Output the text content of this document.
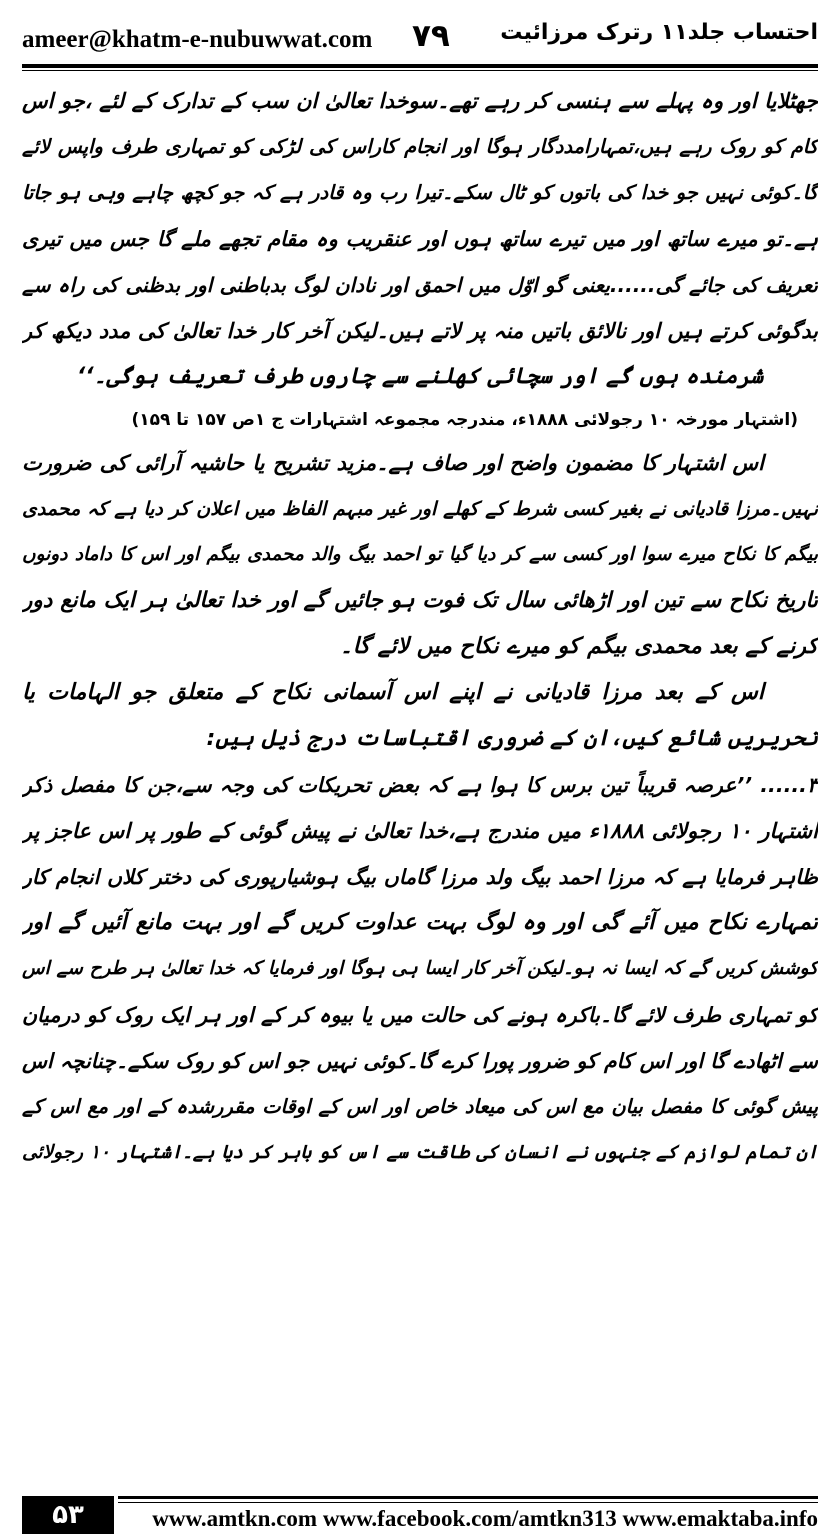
ameer@khatm-e-nubuwwat.com ۷۹ احتساب جلد۱۱ رترک مرزائیت
جھٹلایا اور وہ پہلے سے ہنسی کر رہے تھے۔سوخدا تعالیٰ ان سب کے تدارک کے لئے ،جو اس
کام کو روک رہے ہیں،تمہارامددگار ہوگا اور انجام کاراس کی لڑکی کو تمہاری طرف واپس لائے
گا۔کوئی نہیں جو خدا کی باتوں کو ٹال سکے۔تیرا رب وہ قادر ہے کہ جو کچھ چاہے وہی ہو جاتا
ہے۔تو میرے ساتھ اور میں تیرے ساتھ ہوں اور عنقریب وہ مقام تجھے ملے گا جس میں تیری
تعریف کی جائے گی......یعنی گو اوّل میں احمق اور نادان لوگ بدباطنی اور بدظنی کی راہ سے
بدگوئی کرتے ہیں اور نالائق باتیں منہ پر لاتے ہیں۔لیکن آخر کار خدا تعالیٰ کی مدد دیکھ کر
شرمندہ ہوں گے اور سچائی کھلنے سے چاروں طرف تعریف ہوگی۔‘‘
(اشتہار مورخہ ۱۰ رجولائی ۱۸۸۸ء، مندرجہ مجموعہ اشتہارات ج ۱ص ۱۵۷ تا ۱۵۹)
اس اشتہار کا مضمون واضح اور صاف ہے۔مزید تشریح یا حاشیہ آرائی کی ضرورت
نہیں۔مرزا قادیانی نے بغیر کسی شرط کے کھلے اور غیر مبہم الفاظ میں اعلان کر دیا ہے کہ محمدی
بیگم کا نکاح میرے سوا اور کسی سے کر دیا گیا تو احمد بیگ والد محمدی بیگم اور اس کا داماد دونوں
تاریخ نکاح سے تین اور اڑھائی سال تک فوت ہو جائیں گے اور خدا تعالیٰ ہر ایک مانع دور
کرنے کے بعد محمدی بیگم کو میرے نکاح میں لائے گا۔
اس کے بعد مرزا قادیانی نے اپنے اس آسمانی نکاح کے متعلق جو الہامات یا
تحریریں شائع کیں،ان کے ضروری اقتباسات درج ذیل ہیں:
۳...... ’’عرصہ قریباً تین برس کا ہوا ہے کہ بعض تحریکات کی وجہ سے،جن کا مفصل ذکر
اشتہار ۱۰ رجولائی ۱۸۸۸ء میں مندرج ہے،خدا تعالیٰ نے پیش گوئی کے طور پر اس عاجز پر
ظاہر فرمایا ہے کہ مرزا احمد بیگ ولد مرزا گاماں بیگ ہوشیارپوری کی دختر کلاں انجام کار
تمہارے نکاح میں آئے گی اور وہ لوگ بہت عداوت کریں گے اور بہت مانع آئیں گے اور
کوشش کریں گے کہ ایسا نہ ہو۔لیکن آخر کار ایسا ہی ہوگا اور فرمایا کہ خدا تعالیٰ ہر طرح سے اس
کو تمہاری طرف لائے گا۔باکرہ ہونے کی حالت میں یا بیوہ کر کے اور ہر ایک روک کو درمیان
سے اٹھادے گا اور اس کام کو ضرور پورا کرے گا۔کوئی نہیں جو اس کو روک سکے۔چنانچہ اس
پیش گوئی کا مفصل بیان مع اس کی میعاد خاص اور اس کے اوقات مقررشدہ کے اور مع اس کے
ان تمام لوازم کے جنہوں نے انسان کی طاقت سے اس کو باہر کر دیا ہے۔اشتہار ۱۰ رجولائی
۵۳	www.amtkn.com www.facebook.com/amtkn313 www.emaktaba.info
